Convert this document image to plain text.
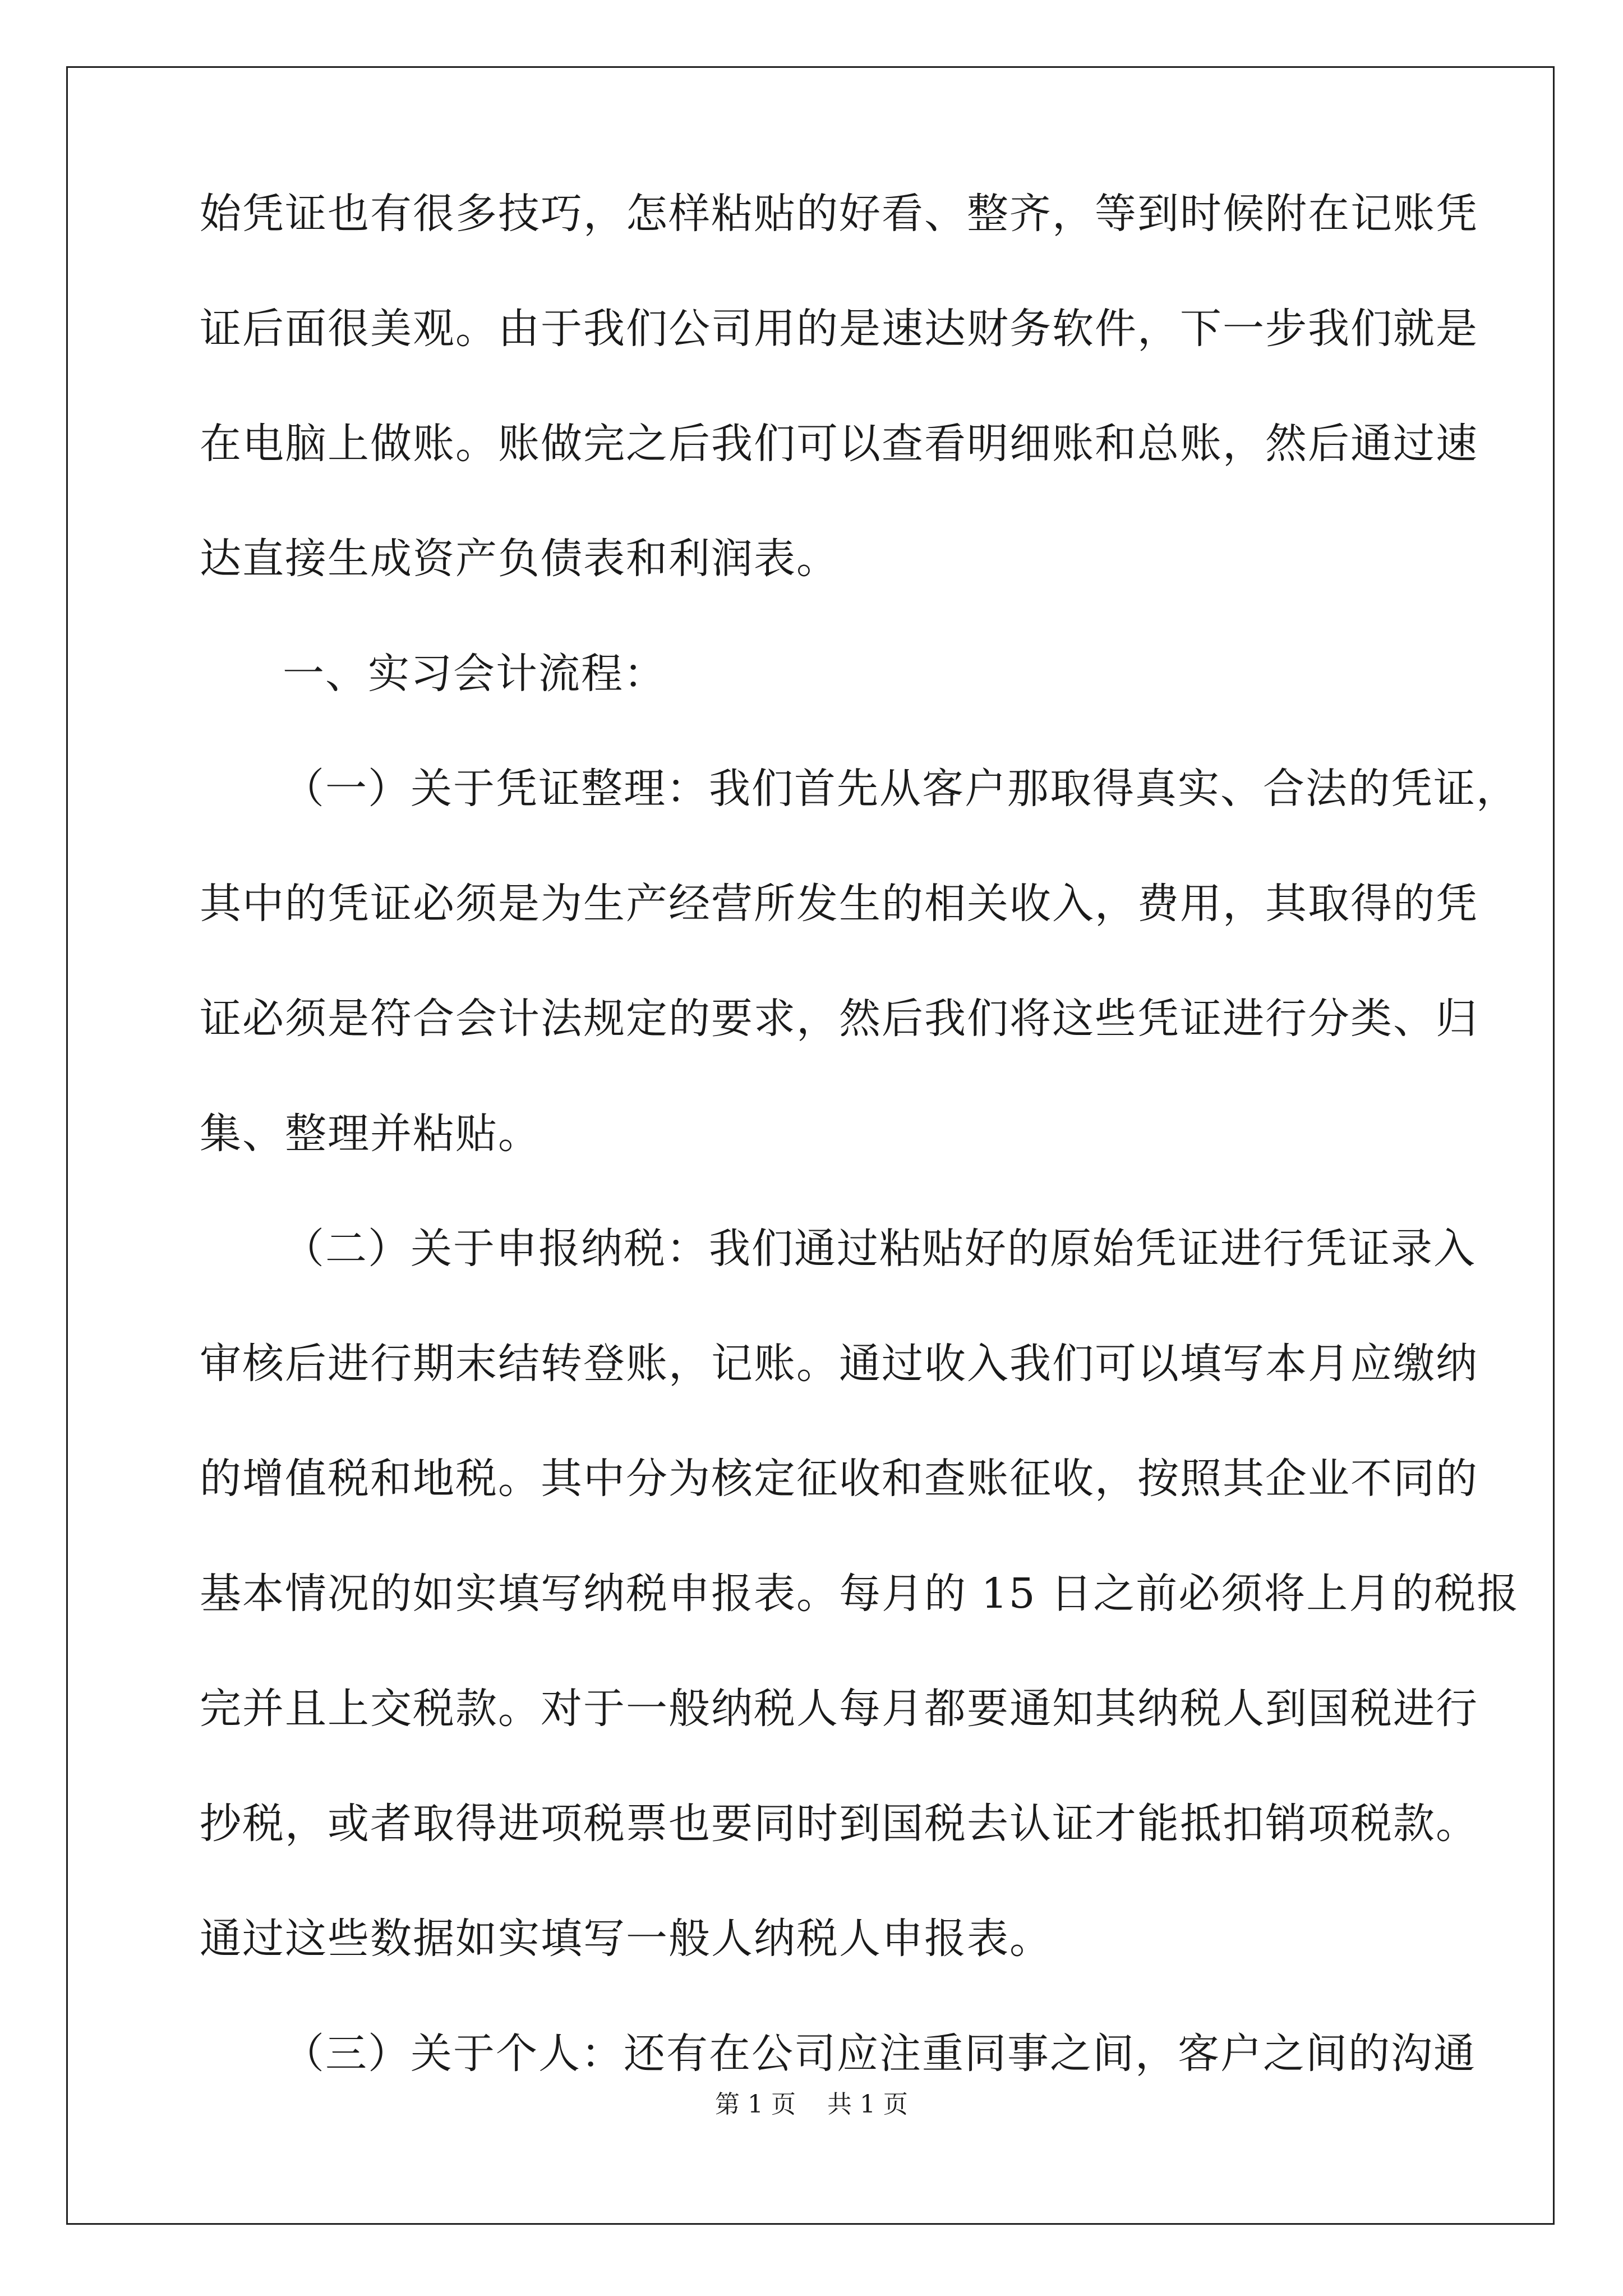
始凭证也有很多技巧，怎样粘贴的好看、整齐，等到时候附在记账凭
证后面很美观。由于我们公司用的是速达财务软件，下一步我们就是
在电脑上做账。账做完之后我们可以查看明细账和总账，然后通过速
达直接生成资产负债表和利润表。
一、实习会计流程：
（一）关于凭证整理：我们首先从客户那取得真实、合法的凭证，
其中的凭证必须是为生产经营所发生的相关收入，费用，其取得的凭
证必须是符合会计法规定的要求，然后我们将这些凭证进行分类、归
集、整理并粘贴。
（二）关于申报纳税：我们通过粘贴好的原始凭证进行凭证录入
审核后进行期末结转登账，记账。通过收入我们可以填写本月应缴纳
的增值税和地税。其中分为核定征收和查账征收，按照其企业不同的
基本情况的如实填写纳税申报表。每月的 15 日之前必须将上月的税报
完并且上交税款。对于一般纳税人每月都要通知其纳税人到国税进行
抄税，或者取得进项税票也要同时到国税去认证才能抵扣销项税款。
通过这些数据如实填写一般人纳税人申报表。
（三）关于个人：还有在公司应注重同事之间，客户之间的沟通
第 1 页    共 1 页
